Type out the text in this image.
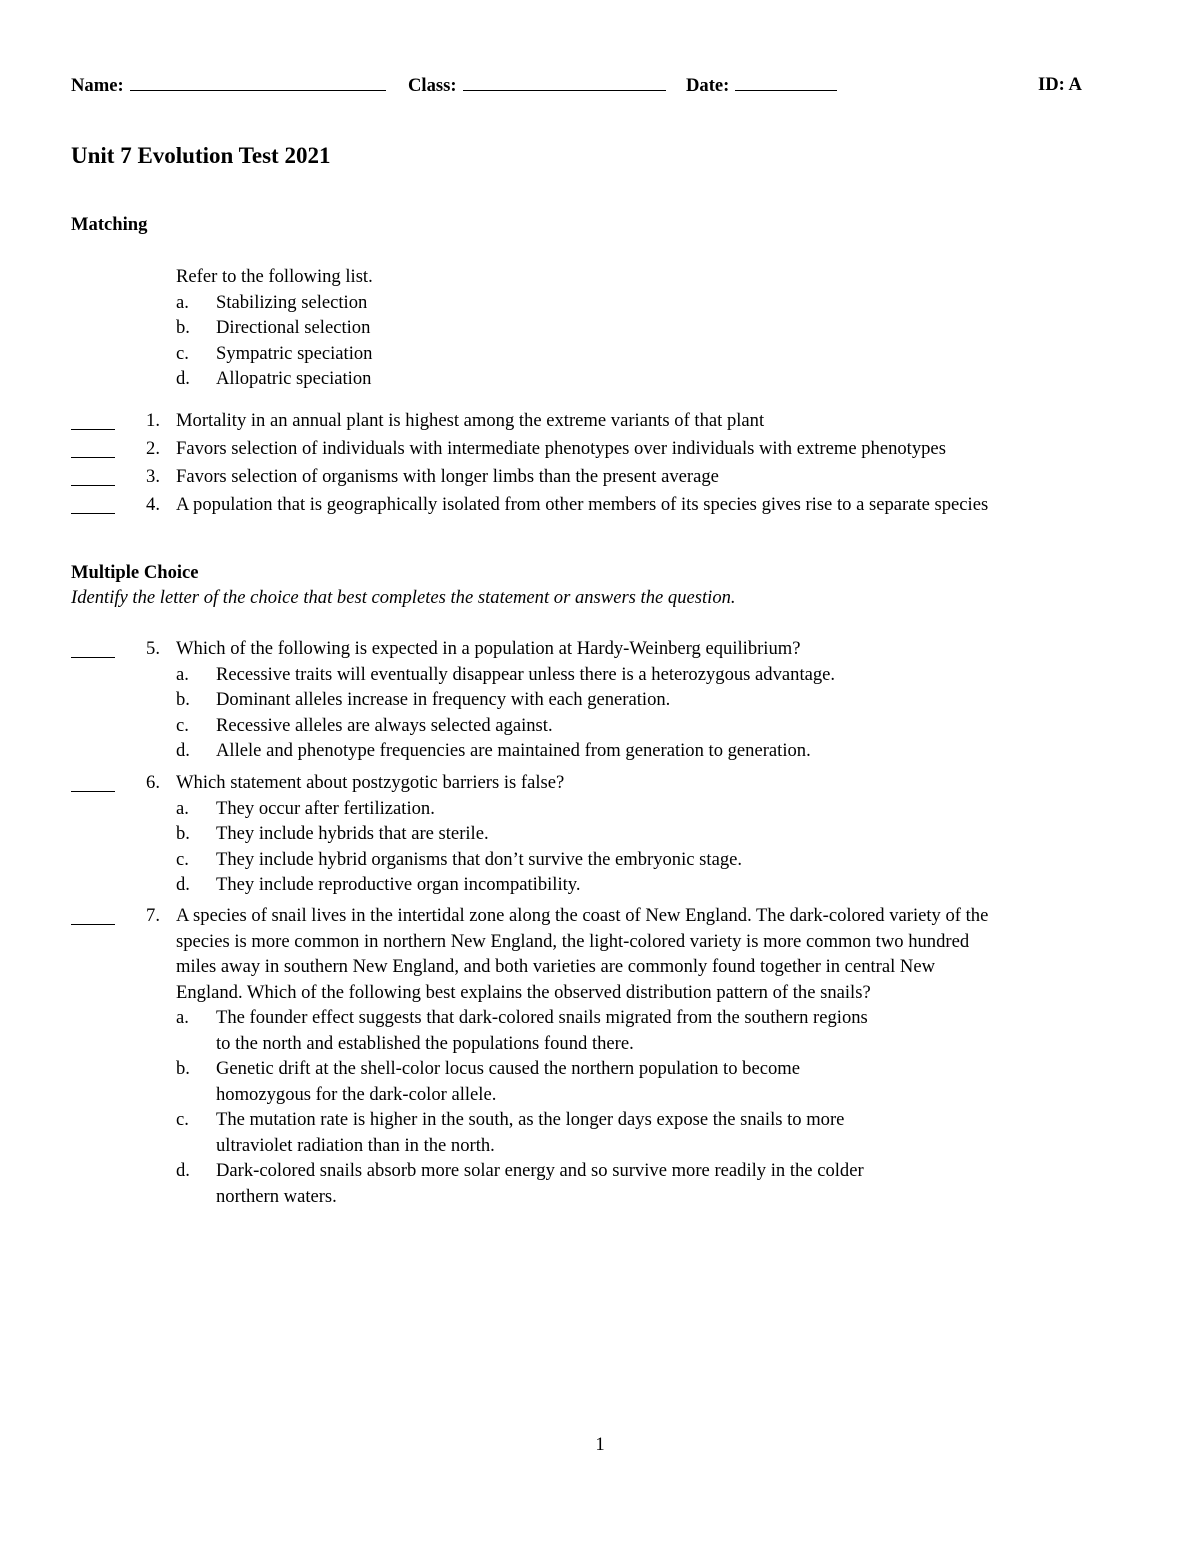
Name:	Class:	Date:	ID: A
Unit 7 Evolution Test 2021
Matching
Refer to the following list.
a. Stabilizing selection
b. Directional selection
c. Sympatric speciation
d. Allopatric speciation
1. Mortality in an annual plant is highest among the extreme variants of that plant
2. Favors selection of individuals with intermediate phenotypes over individuals with extreme phenotypes
3. Favors selection of organisms with longer limbs than the present average
4. A population that is geographically isolated from other members of its species gives rise to a separate species
Multiple Choice
Identify the letter of the choice that best completes the statement or answers the question.
5. Which of the following is expected in a population at Hardy-Weinberg equilibrium?
a. Recessive traits will eventually disappear unless there is a heterozygous advantage.
b. Dominant alleles increase in frequency with each generation.
c. Recessive alleles are always selected against.
d. Allele and phenotype frequencies are maintained from generation to generation.
6. Which statement about postzygotic barriers is false?
a. They occur after fertilization.
b. They include hybrids that are sterile.
c. They include hybrid organisms that don’t survive the embryonic stage.
d. They include reproductive organ incompatibility.
7. A species of snail lives in the intertidal zone along the coast of New England. The dark-colored variety of the
species is more common in northern New England, the light-colored variety is more common two hundred
miles away in southern New England, and both varieties are commonly found together in central New
England. Which of the following best explains the observed distribution pattern of the snails?
a. The founder effect suggests that dark-colored snails migrated from the southern regions
to the north and established the populations found there.
b. Genetic drift at the shell-color locus caused the northern population to become
homozygous for the dark-color allele.
c. The mutation rate is higher in the south, as the longer days expose the snails to more
ultraviolet radiation than in the north.
d. Dark-colored snails absorb more solar energy and so survive more readily in the colder
northern waters.
1
